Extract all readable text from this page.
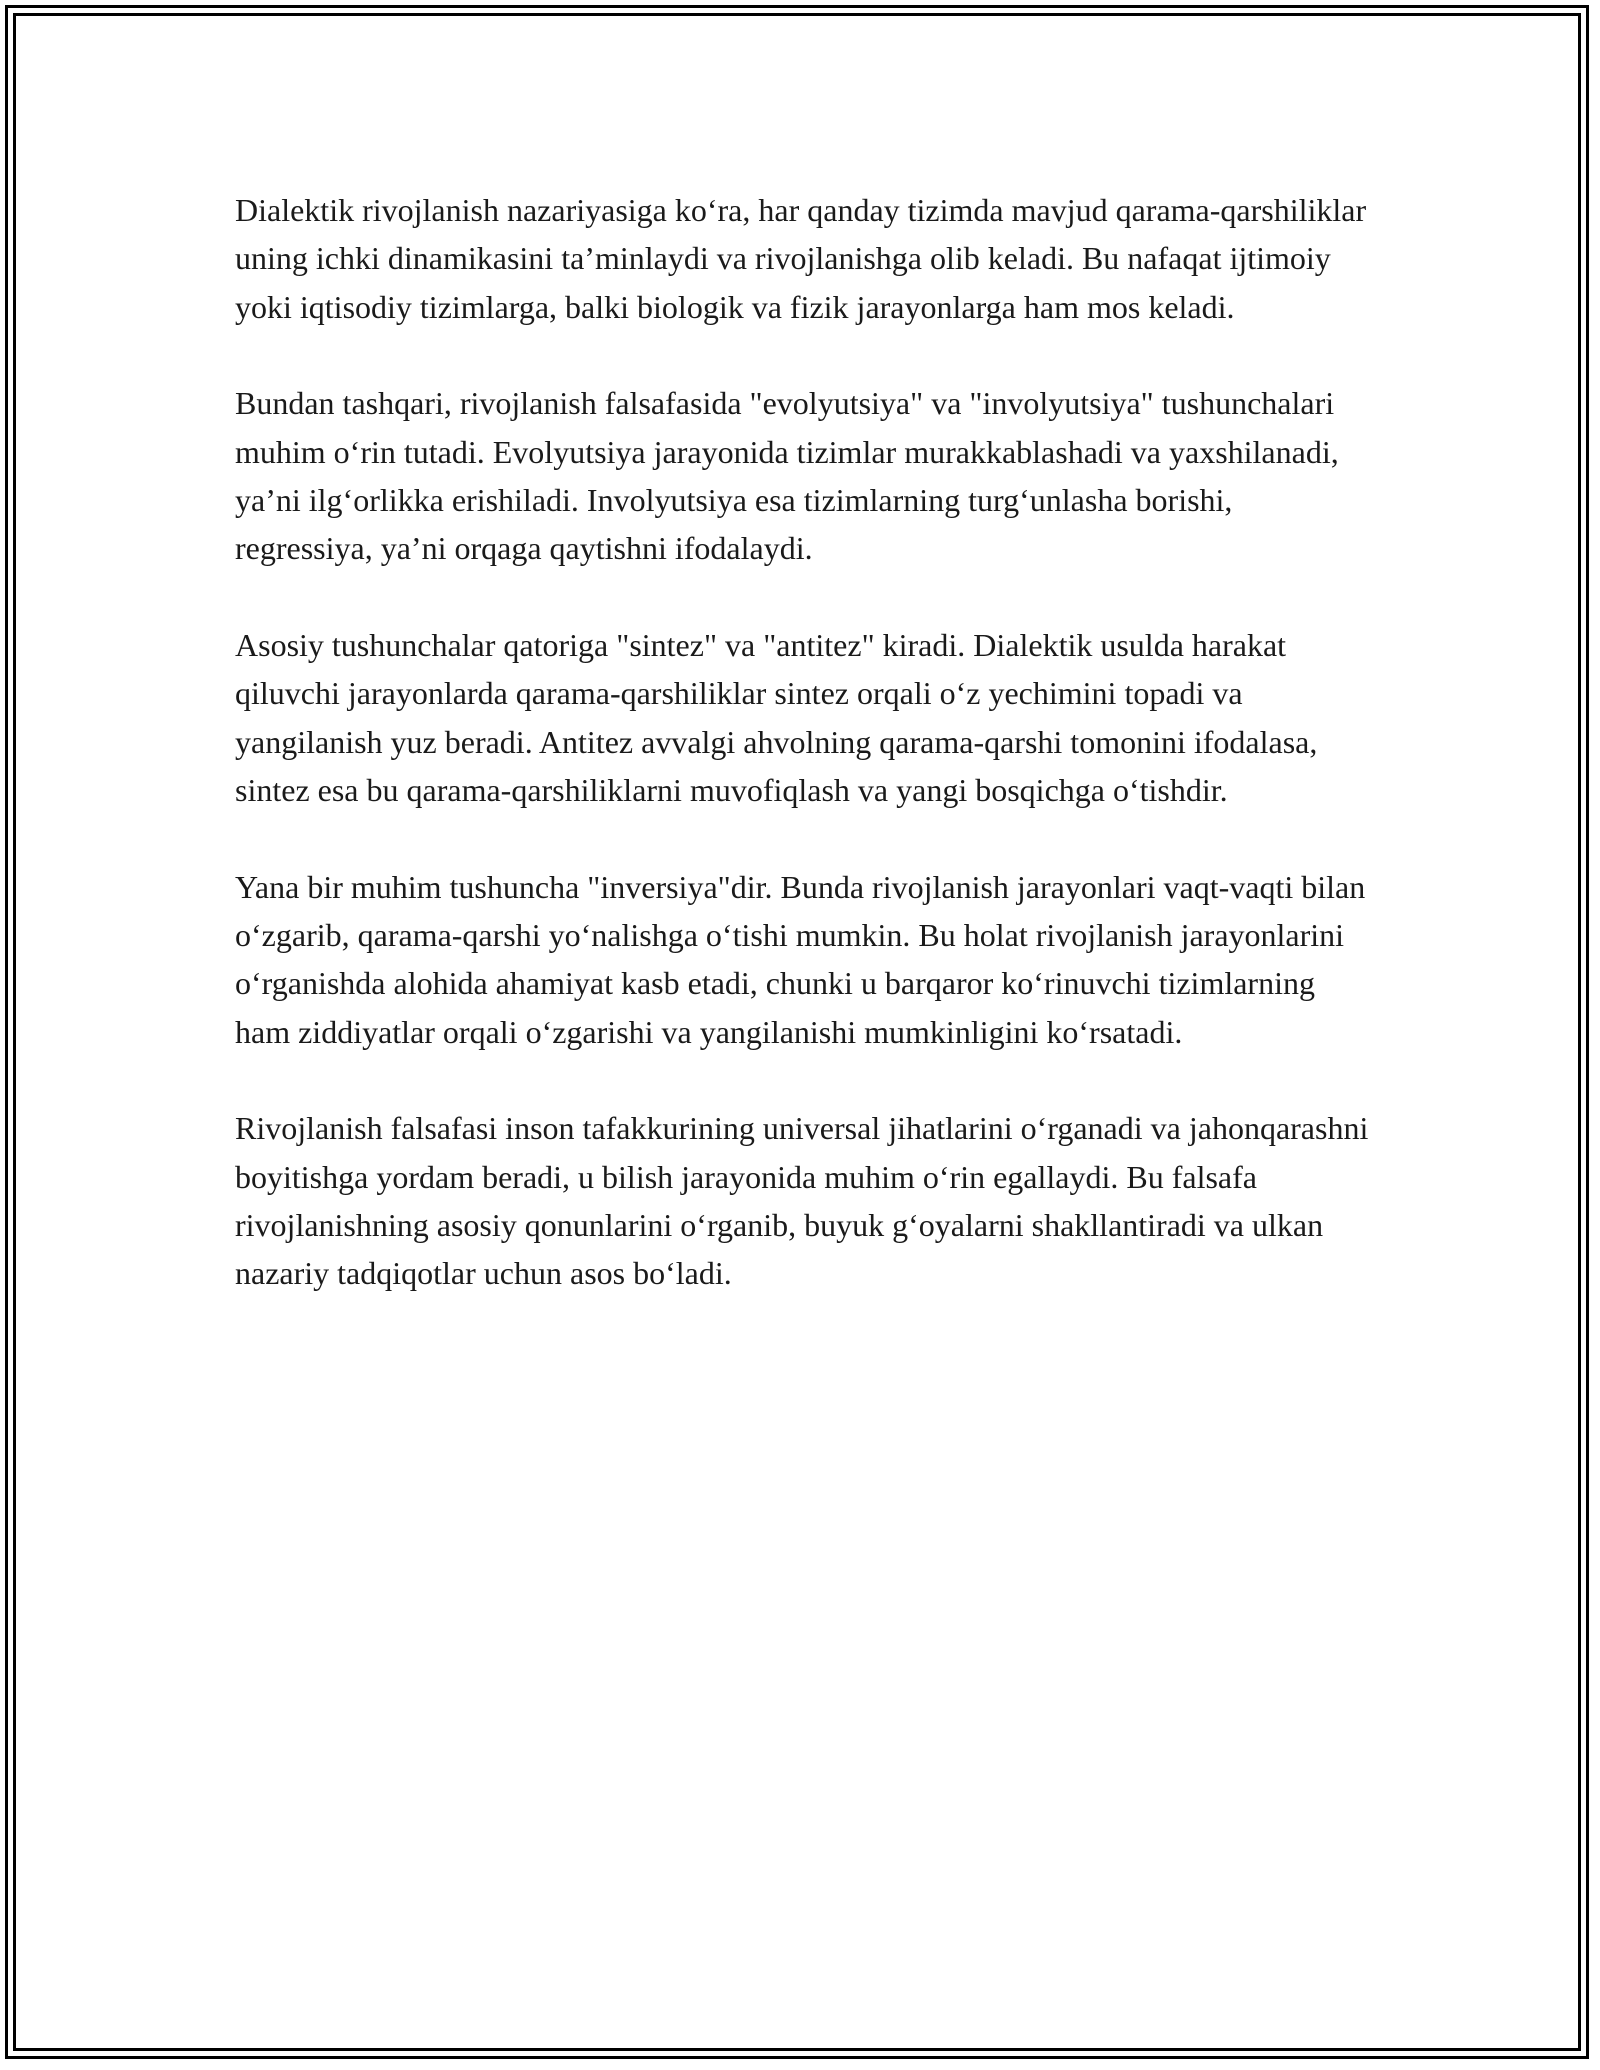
Dialektik rivojlanish nazariyasiga ko‘ra, har qanday tizimda mavjud qarama-qarshiliklar uning ichki dinamikasini ta’minlaydi va rivojlanishga olib keladi. Bu nafaqat ijtimoiy yoki iqtisodiy tizimlarga, balki biologik va fizik jarayonlarga ham mos keladi.

Bundan tashqari, rivojlanish falsafasida "evolyutsiya" va "involyutsiya" tushunchalari muhim o‘rin tutadi. Evolyutsiya jarayonida tizimlar murakkablashadi va yaxshilanadi, ya’ni ilg‘orlikka erishiladi. Involyutsiya esa tizimlarning turg‘unlasha borishi, regressiya, ya’ni orqaga qaytishni ifodalaydi.

Asosiy tushunchalar qatoriga "sintez" va "antitez" kiradi. Dialektik usulda harakat qiluvchi jarayonlarda qarama-qarshiliklar sintez orqali o‘z yechimini topadi va yangilanish yuz beradi. Antitez avvalgi ahvolning qarama-qarshi tomonini ifodalasa, sintez esa bu qarama-qarshiliklarni muvofiqlash va yangi bosqichga o‘tishdir.

Yana bir muhim tushuncha "inversiya"dir. Bunda rivojlanish jarayonlari vaqt-vaqti bilan o‘zgarib, qarama-qarshi yo‘nalishga o‘tishi mumkin. Bu holat rivojlanish jarayonlarini o‘rganishda alohida ahamiyat kasb etadi, chunki u barqaror ko‘rinuvchi tizimlarning ham ziddiyatlar orqali o‘zgarishi va yangilanishi mumkinligini ko‘rsatadi.

Rivojlanish falsafasi inson tafakkurining universal jihatlarini o‘rganadi va jahonqarashni boyitishga yordam beradi, u bilish jarayonida muhim o‘rin egallaydi. Bu falsafa rivojlanishning asosiy qonunlarini o‘rganib, buyuk g‘oyalarni shakllantiradi va ulkan nazariy tadqiqotlar uchun asos bo‘ladi.
